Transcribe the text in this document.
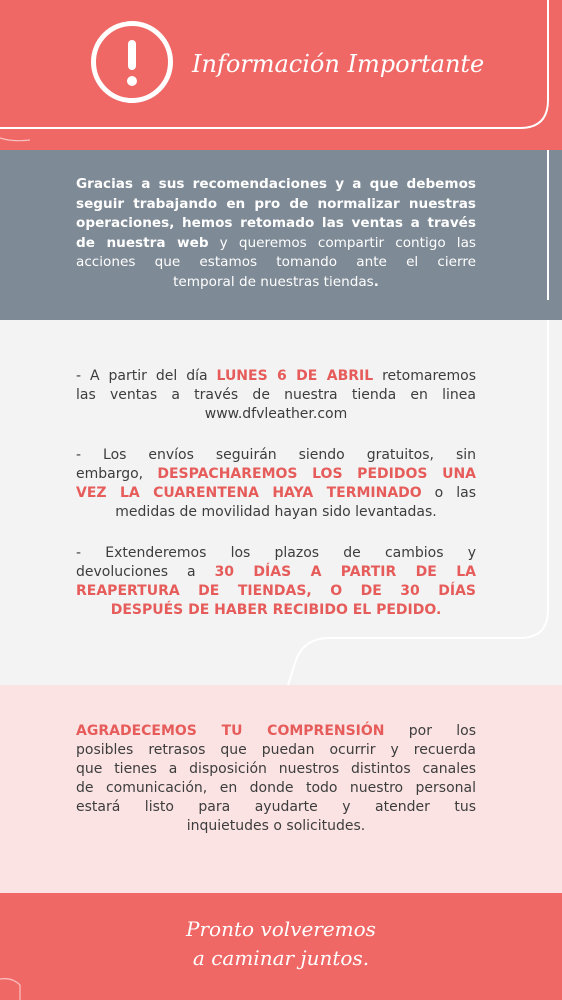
Información Importante
Gracias a sus recomendaciones y a que debemos
seguir trabajando en pro de normalizar nuestras
operaciones, hemos retomado las ventas a través
de nuestra web y queremos compartir contigo las
acciones que estamos tomando ante el cierre
temporal de nuestras tiendas.

- A partir del día LUNES 6 DE ABRIL retomaremos
las ventas a través de nuestra tienda en linea
www.dfvleather.com

- Los envíos seguirán siendo gratuitos, sin
embargo, DESPACHAREMOS LOS PEDIDOS UNA
VEZ LA CUARENTENA HAYA TERMINADO o las
medidas de movilidad hayan sido levantadas.

- Extenderemos los plazos de cambios y
devoluciones a 30 DÍAS A PARTIR DE LA
REAPERTURA DE TIENDAS, O DE 30 DÍAS
DESPUÉS DE HABER RECIBIDO EL PEDIDO.

AGRADECEMOS TU COMPRENSIÓN por los
posibles retrasos que puedan ocurrir y recuerda
que tienes a disposición nuestros distintos canales
de comunicación, en donde todo nuestro personal
estará listo para ayudarte y atender tus
inquietudes o solicitudes.
Pronto volveremos
a caminar juntos.
